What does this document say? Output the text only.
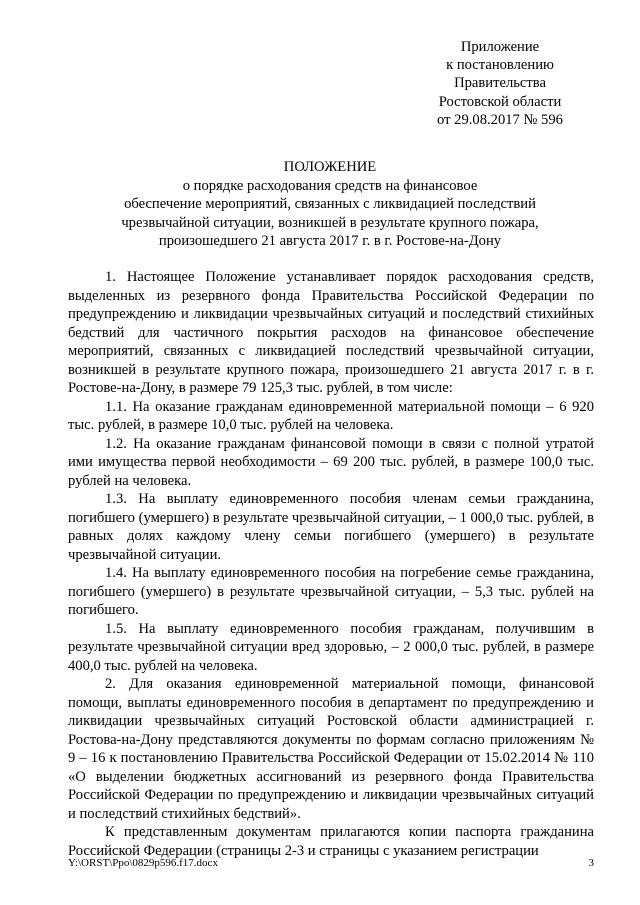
Приложение
к постановлению
Правительства
Ростовской области
от 29.08.2017 № 596
ПОЛОЖЕНИЕ
о порядке расходования средств на финансовое
обеспечение мероприятий, связанных с ликвидацией последствий
чрезвычайной ситуации, возникшей в результате крупного пожара,
произошедшего 21 августа 2017 г. в г. Ростове-на-Дону

1. Настоящее Положение устанавливает порядок расходования средств, выделенных из резервного фонда Правительства Российской Федерации по предупреждению и ликвидации чрезвычайных ситуаций и последствий стихийных бедствий для частичного покрытия расходов на финансовое обеспечение мероприятий, связанных с ликвидацией последствий чрезвычайной ситуации, возникшей в результате крупного пожара, произошедшего 21 августа 2017 г. в г. Ростове-на-Дону, в размере 79 125,3 тыс. рублей, в том числе:

1.1. На оказание гражданам единовременной материальной помощи – 6 920 тыс. рублей, в размере 10,0 тыс. рублей на человека.

1.2. На оказание гражданам финансовой помощи в связи с полной утратой ими имущества первой необходимости – 69 200 тыс. рублей, в размере 100,0 тыс. рублей на человека.

1.3. На выплату единовременного пособия членам семьи гражданина, погибшего (умершего) в результате чрезвычайной ситуации, – 1 000,0 тыс. рублей, в равных долях каждому члену семьи погибшего (умершего) в результате чрезвычайной ситуации.

1.4. На выплату единовременного пособия на погребение семье гражданина, погибшего (умершего) в результате чрезвычайной ситуации, – 5,3 тыс. рублей на погибшего.

1.5. На выплату единовременного пособия гражданам, получившим в результате чрезвычайной ситуации вред здоровью, – 2 000,0 тыс. рублей, в размере 400,0 тыс. рублей на человека.

2. Для оказания единовременной материальной помощи, финансовой помощи, выплаты единовременного пособия в департамент по предупреждению и ликвидации чрезвычайных ситуаций Ростовской области администрацией г. Ростова-на-Дону представляются документы по формам согласно приложениям № 9 – 16 к постановлению Правительства Российской Федерации от 15.02.2014 № 110 «О выделении бюджетных ассигнований из резервного фонда Правительства Российской Федерации по предупреждению и ликвидации чрезвычайных ситуаций и последствий стихийных бедствий».

К представленным документам прилагаются копии паспорта гражданина Российской Федерации (страницы 2-3 и страницы с указанием регистрации

Y:\ORST\Ppo\0829p596.f17.docx	3
